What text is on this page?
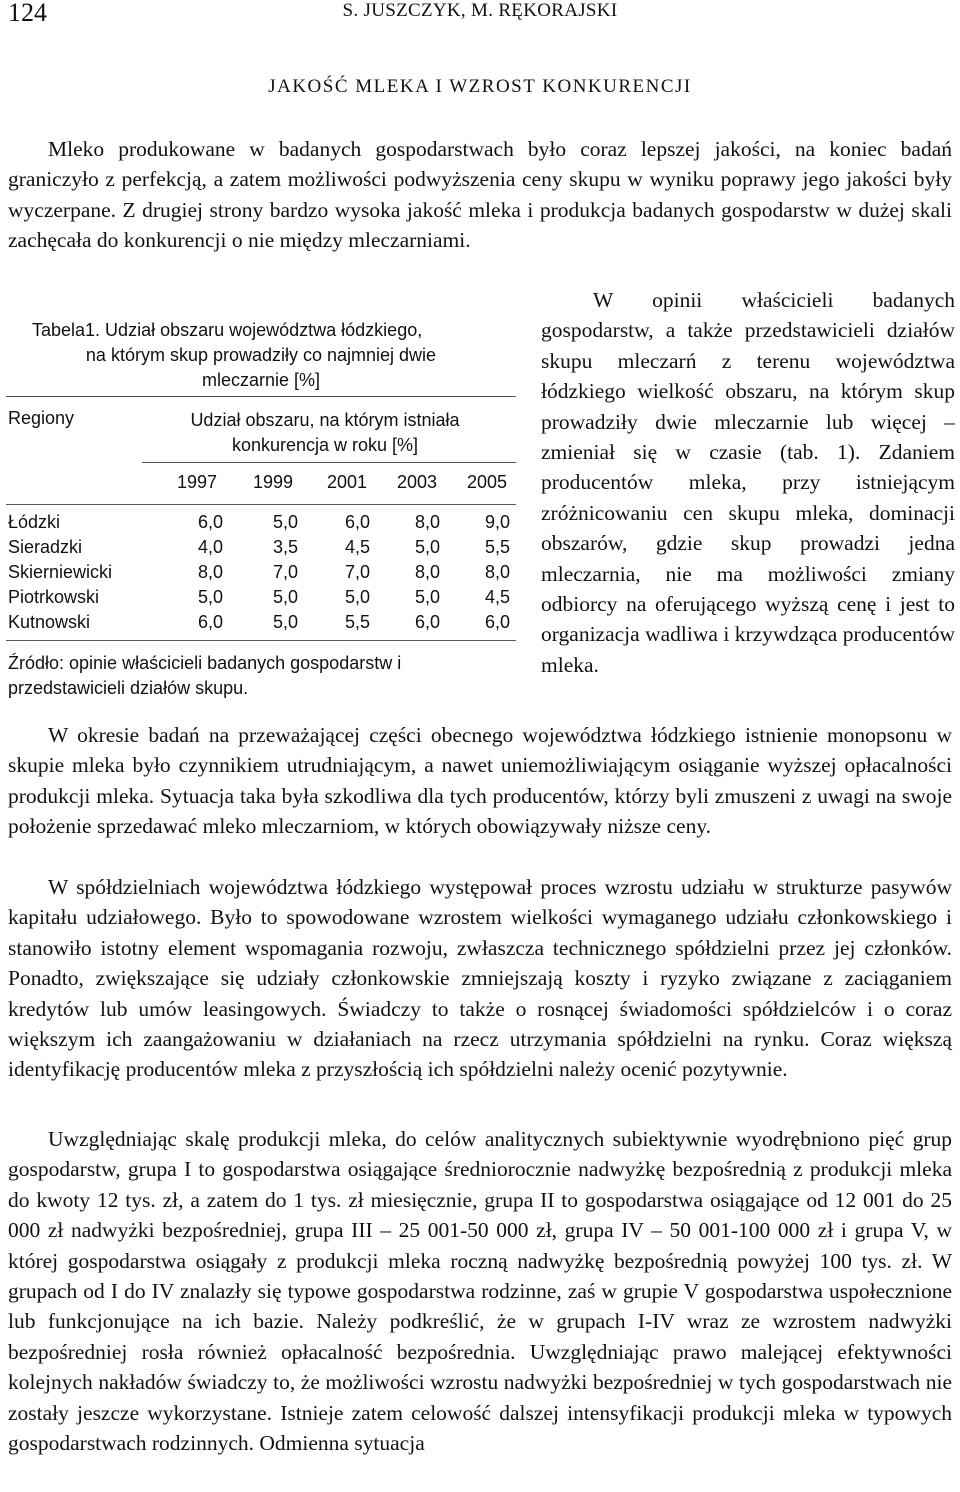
124	S. JUSZCZYK, M. RĘKORAJSKI
JAKOŚĆ MLEKA I WZROST KONKURENCJI

Mleko produkowane w badanych gospodarstwach było coraz lepszej jakości, na koniec badań graniczyło z perfekcją, a zatem możliwości podwyższenia ceny skupu w wyniku poprawy jego jakości były wyczerpane. Z drugiej strony bardzo wysoka jakość mleka i produkcja badanych gospodarstw w dużej skali zachęcała do konkurencji o nie między mleczarniami.

W opinii właścicieli badanych gospodarstw, a także przedstawicieli działów skupu mleczarń z terenu województwa łódzkiego wielkość obszaru, na którym skup prowadziły dwie mleczarnie lub więcej – zmieniał się w czasie (tab. 1). Zdaniem producentów mleka, przy istniejącym zróżnicowaniu cen skupu mleka, dominacji obszarów, gdzie skup prowadzi jedna mleczarnia, nie ma możliwości zmiany odbiorcy na oferującego wyższą cenę i jest to organizacja wadliwa i krzywdząca producentów mleka.

Tabela1. Udział obszaru województwa łódzkiego,
na którym skup prowadziły co najmniej dwie
mleczarnie [%]
Regiony	Udział obszaru, na którym istniała
konkurencja w roku [%]
1997	1999	2001	2003	2005
Łódzki	6,0	5,0	6,0	8,0	9,0
Sieradzki	4,0	3,5	4,5	5,0	5,5
Skierniewicki	8,0	7,0	7,0	8,0	8,0
Piotrkowski	5,0	5,0	5,0	5,0	4,5
Kutnowski	6,0	5,0	5,5	6,0	6,0
Źródło: opinie właścicieli badanych gospodarstw i
przedstawicieli działów skupu.

W okresie badań na przeważającej części obecnego województwa łódzkiego istnienie monopsonu w skupie mleka było czynnikiem utrudniającym, a nawet uniemożliwiającym osiąganie wyższej opłacalności produkcji mleka. Sytuacja taka była szkodliwa dla tych producentów, którzy byli zmuszeni z uwagi na swoje położenie sprzedawać mleko mleczarniom, w których obowiązywały niższe ceny.

W spółdzielniach województwa łódzkiego występował proces wzrostu udziału w strukturze pasywów kapitału udziałowego. Było to spowodowane wzrostem wielkości wymaganego udziału członkowskiego i stanowiło istotny element wspomagania rozwoju, zwłaszcza technicznego spółdzielni przez jej członków. Ponadto, zwiększające się udziały członkowskie zmniejszają koszty i ryzyko związane z zaciąganiem kredytów lub umów leasingowych. Świadczy to także o rosnącej świadomości spółdzielców i o coraz większym ich zaangażowaniu w działaniach na rzecz utrzymania spółdzielni na rynku. Coraz większą identyfikację producentów mleka z przyszłością ich spółdzielni należy ocenić pozytywnie.

Uwzględniając skalę produkcji mleka, do celów analitycznych subiektywnie wyodrębniono pięć grup gospodarstw, grupa I to gospodarstwa osiągające średniorocznie nadwyżkę bezpośrednią z produkcji mleka do kwoty 12 tys. zł, a zatem do 1 tys. zł miesięcznie, grupa II to gospodarstwa osiągające od 12 001 do 25 000 zł nadwyżki bezpośredniej, grupa III – 25 001-50 000 zł, grupa IV – 50 001-100 000 zł i grupa V, w której gospodarstwa osiągały z produkcji mleka roczną nadwyżkę bezpośrednią powyżej 100 tys. zł. W grupach od I do IV znalazły się typowe gospodarstwa rodzinne, zaś w grupie V gospodarstwa uspołecznione lub funkcjonujące na ich bazie. Należy podkreślić, że w grupach I-IV wraz ze wzrostem nadwyżki bezpośredniej rosła również opłacalność bezpośrednia. Uwzględniając prawo malejącej efektywności kolejnych nakładów świadczy to, że możliwości wzrostu nadwyżki bezpośredniej w tych gospodarstwach nie zostały jeszcze wykorzystane. Istnieje zatem celowość dalszej intensyfikacji produkcji mleka w typowych gospodarstwach rodzinnych. Odmienna sytuacja
